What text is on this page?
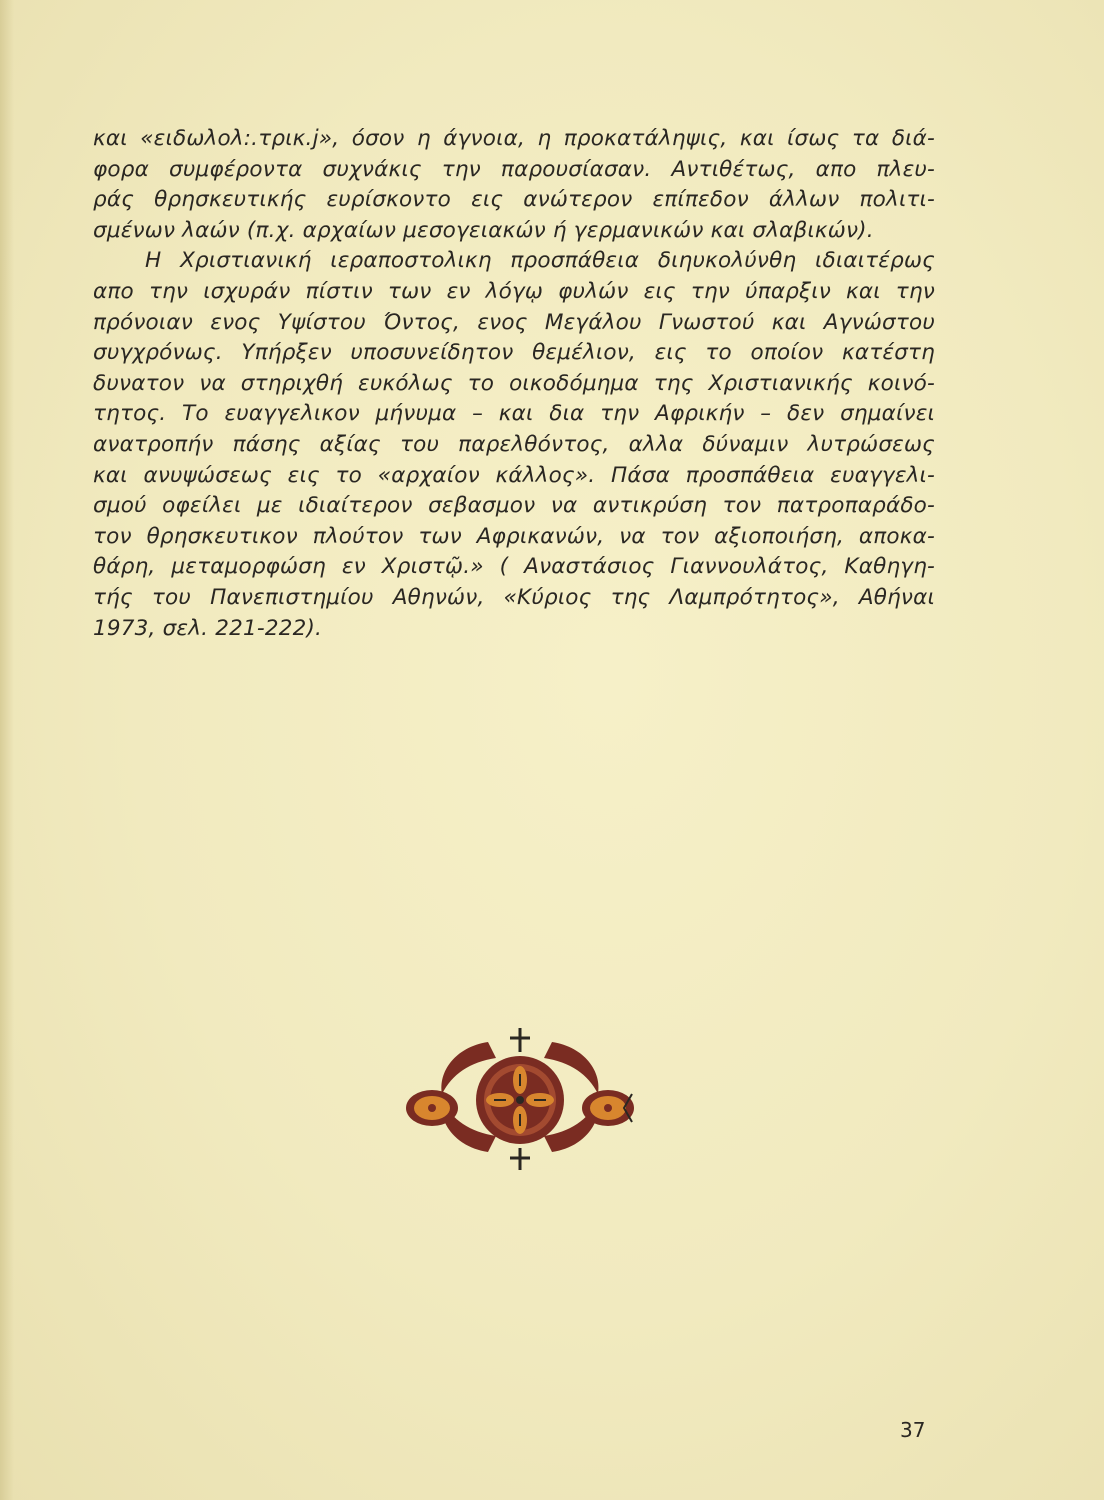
και «ειδωλολ:.τρικ.ϳ», όσον η άγνοια, η προκατάληψις, και ίσως τα διά-
φορα συμφέροντα συχνάκις την παρουσίασαν. Αντιθέτως, απο πλευ-
ράς θρησκευτικής ευρίσκοντο εις ανώτερον επίπεδον άλλων πολιτι-
σμένων λαών (π.χ. αρχαίων μεσογειακών ή γερμανικών και σλαβικών).
Η Χριστιανική ιεραποστολικη προσπάθεια διηυκολύνθη ιδιαιτέρως
απο την ισχυράν πίστιν των εν λόγῳ φυλών εις την ύπαρξιν και την
πρόνοιαν ενος Υψίστου Όντος, ενος Μεγάλου Γνωστού και Αγνώστου
συγχρόνως. Υπήρξεν υποσυνείδητον θεμέλιον, εις το οποίον κατέστη
δυνατον να στηριχθή ευκόλως το οικοδόμημα της Χριστιανικής κοινό-
τητος. Το ευαγγελικον μήνυμα – και δια την Αφρικήν – δεν σημαίνει
ανατροπήν πάσης αξίας του παρελθόντος, αλλα δύναμιν λυτρώσεως
και ανυψώσεως εις το «αρχαίον κάλλος». Πάσα προσπάθεια ευαγγελι-
σμού οφείλει με ιδιαίτερον σεβασμον να αντικρύση τον πατροπαράδο-
τον θρησκευτικον πλούτον των Αφρικανών, να τον αξιοποιήση, αποκα-
θάρη, μεταμορφώση εν Χριστῷ.» ( Αναστάσιος Γιαννουλάτος, Καθηγη-
τής του Πανεπιστημίου Αθηνών, «Κύριος της Λαμπρότητος», Αθήναι
1973, σελ. 221-222).
37
